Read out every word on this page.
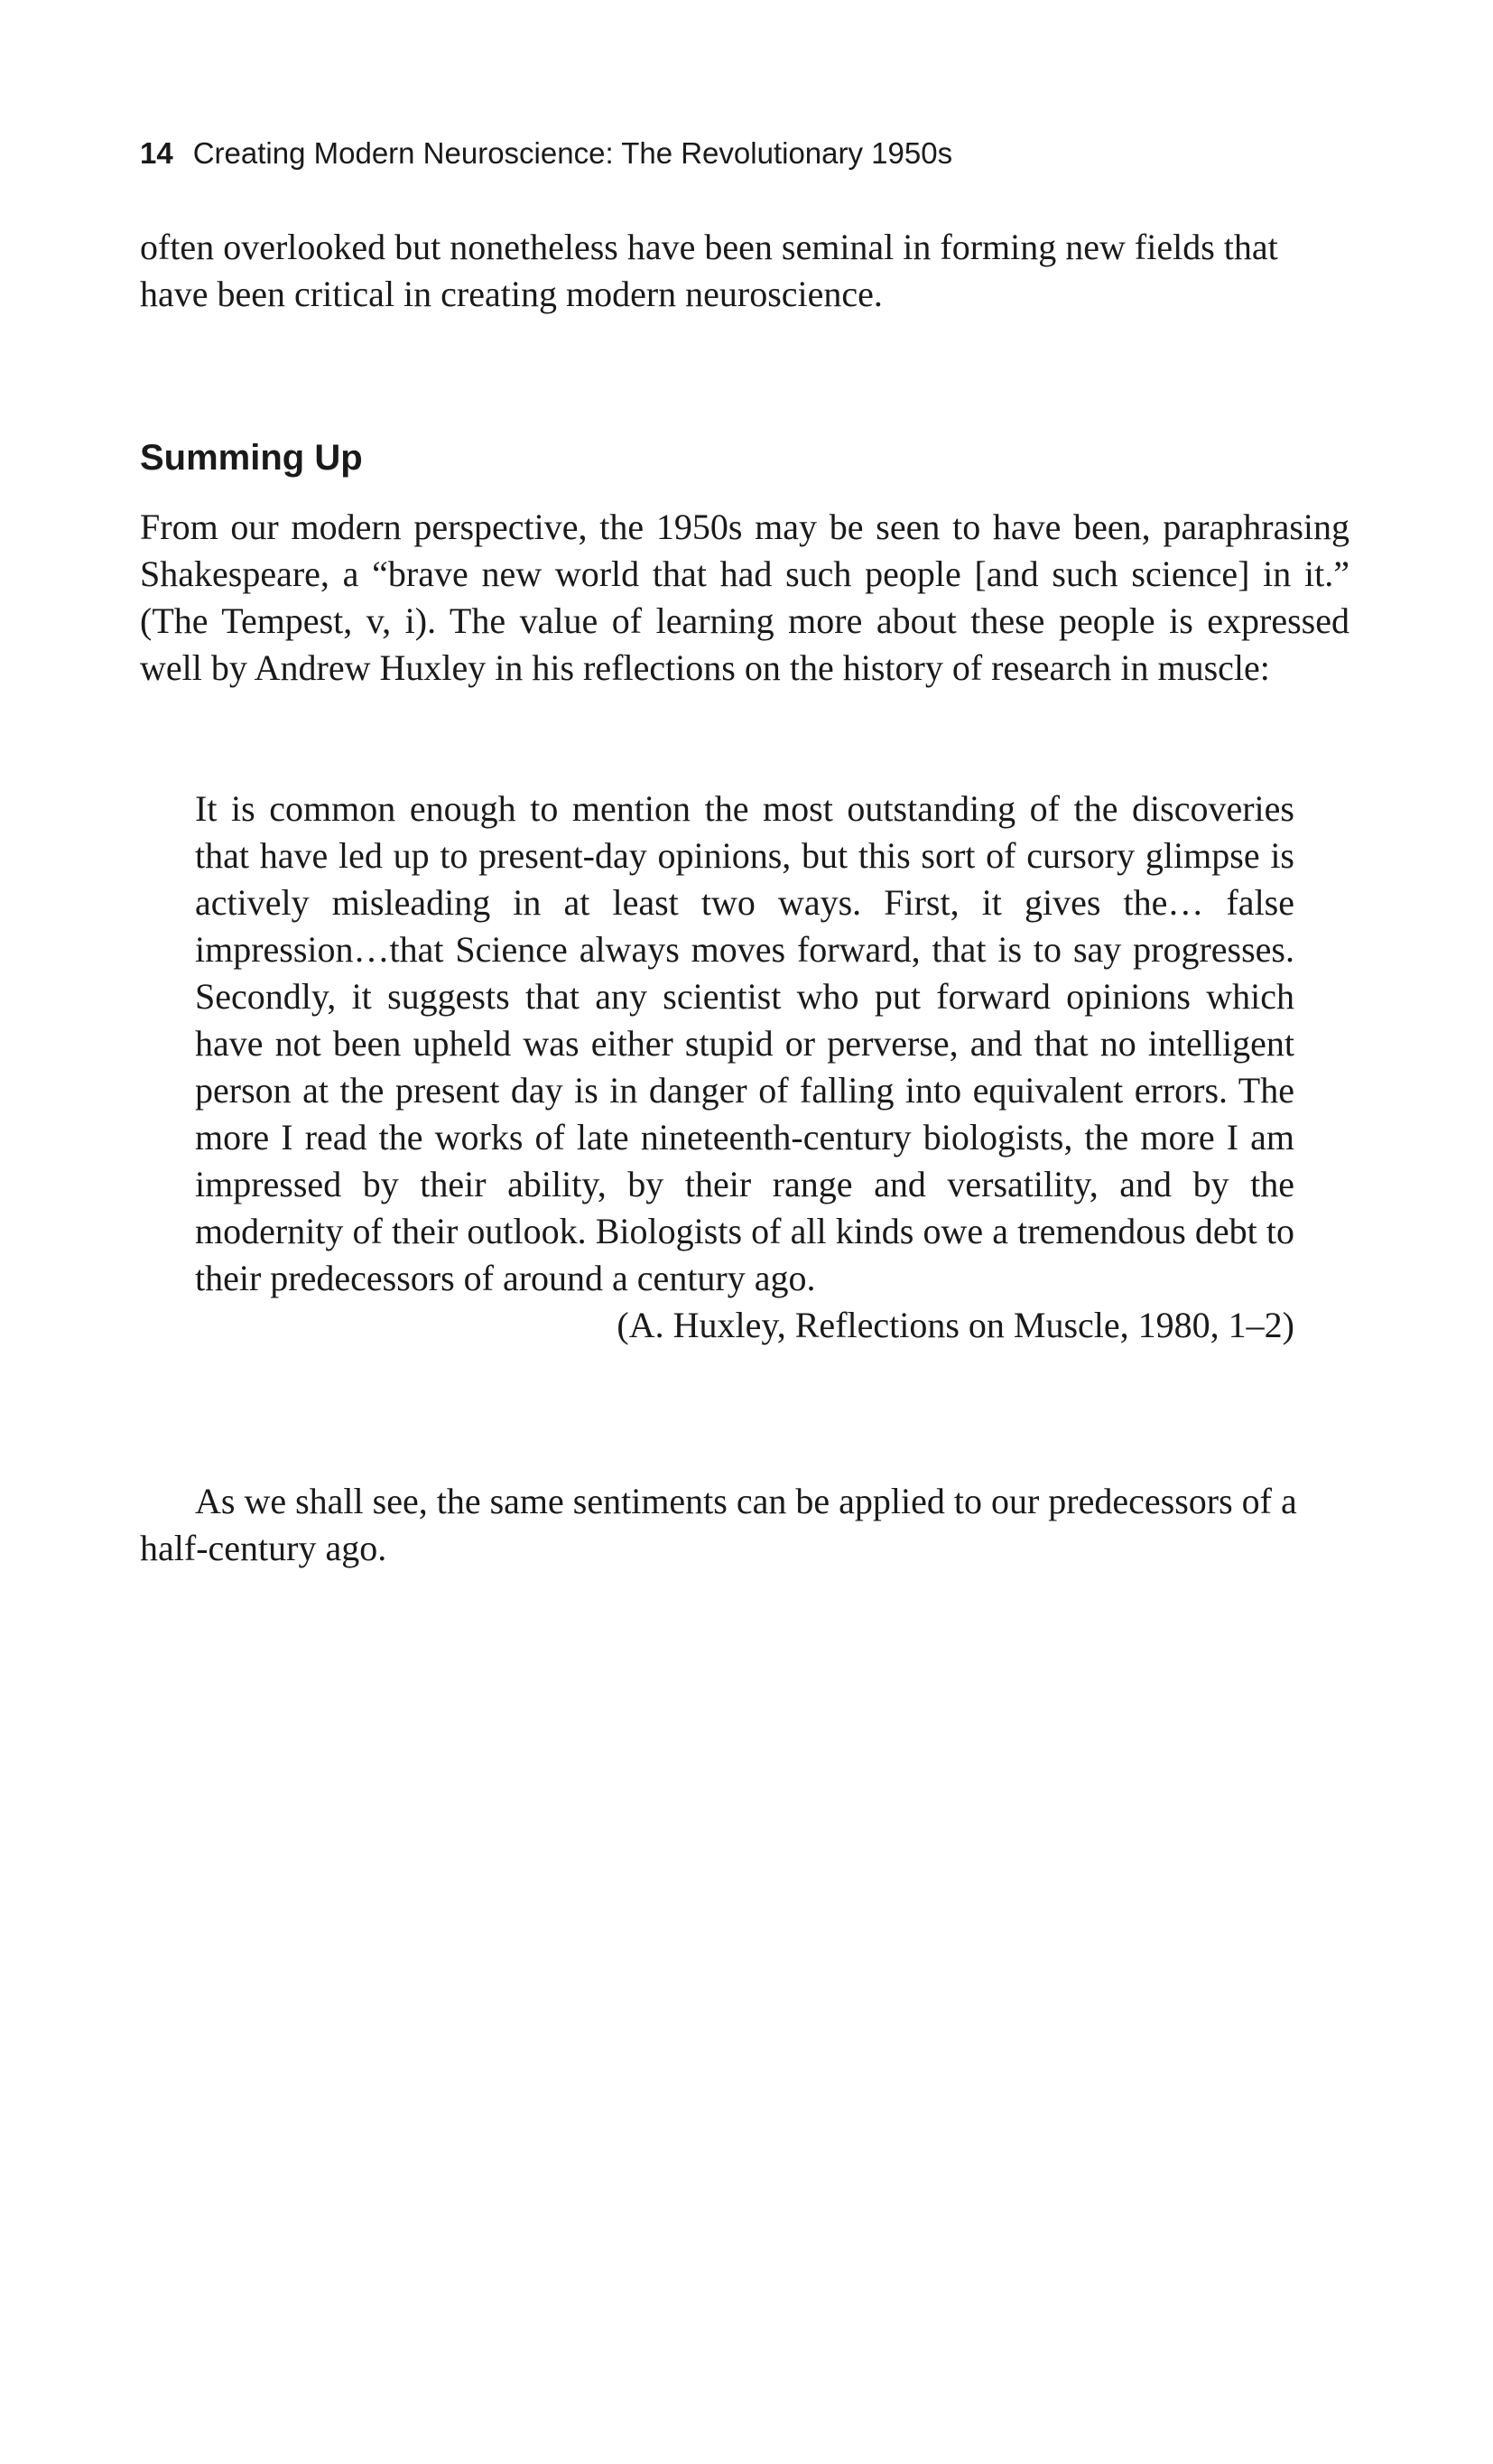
14 Creating Modern Neuroscience: The Revolutionary 1950s

often overlooked but nonetheless have been seminal in forming new fields that have been critical in creating modern neuroscience.

Summing Up

From our modern perspective, the 1950s may be seen to have been, paraphrasing Shakespeare, a “brave new world that had such people [and such science] in it.” (The Tempest, v, i). The value of learning more about these people is expressed well by Andrew Huxley in his reflections on the history of research in muscle:

It is common enough to mention the most outstanding of the discoveries that have led up to present-day opinions, but this sort of cursory glimpse is actively misleading in at least two ways. First, it gives the… false impression…that Science always moves forward, that is to say progresses. Secondly, it suggests that any scientist who put forward opinions which have not been upheld was either stupid or perverse, and that no intelligent person at the present day is in danger of falling into equivalent errors. The more I read the works of late nineteenth-century biologists, the more I am impressed by their ability, by their range and versatility, and by the modernity of their outlook. Biologists of all kinds owe a tremendous debt to their predecessors of around a century ago.

(A. Huxley, Reflections on Muscle, 1980, 1–2)

As we shall see, the same sentiments can be applied to our predecessors of a half-century ago.
